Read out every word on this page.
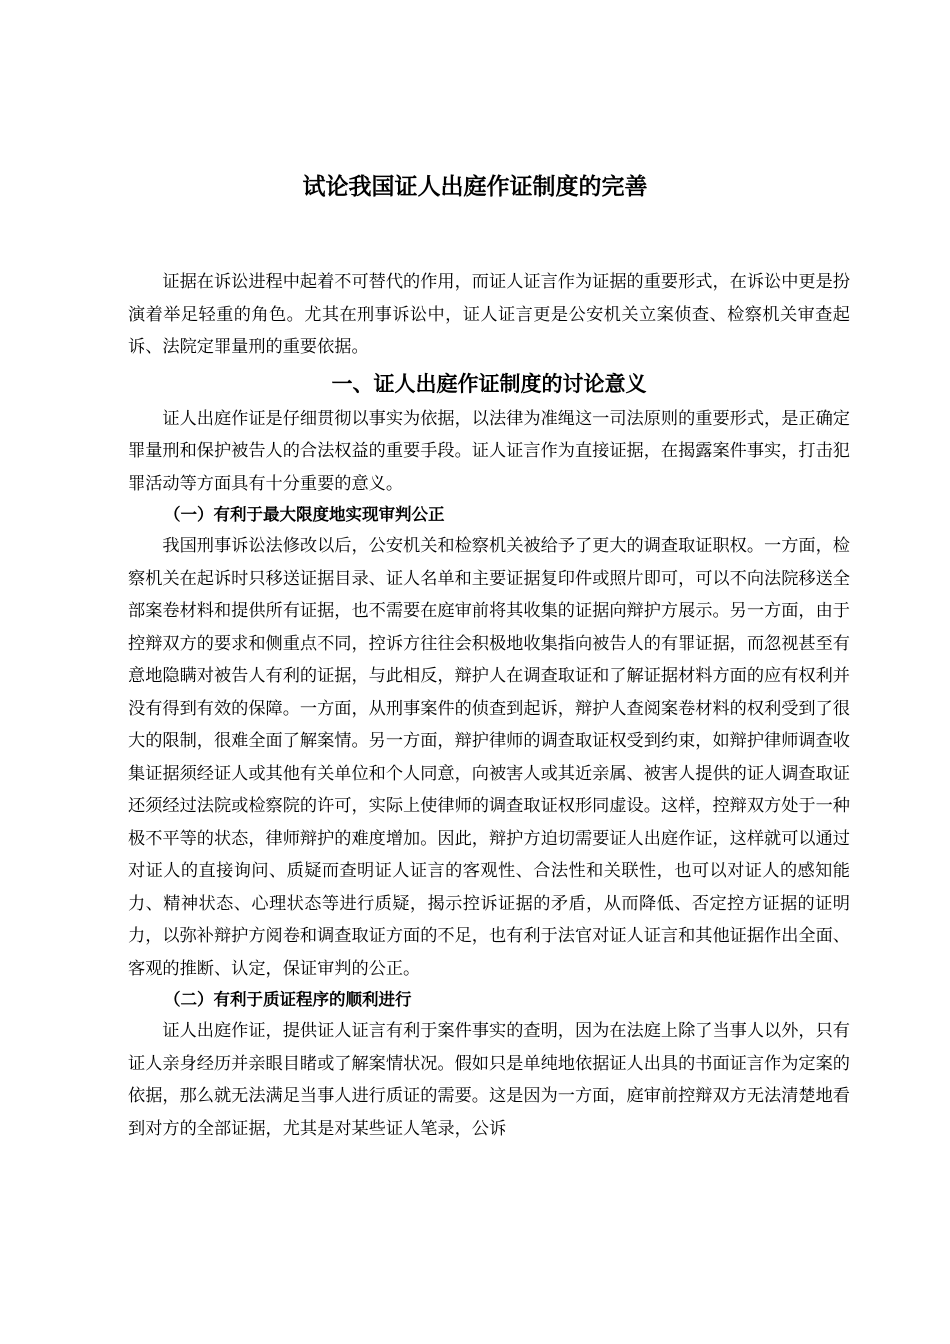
试论我国证人出庭作证制度的完善

证据在诉讼进程中起着不可替代的作用，而证人证言作为证据的重要形式，在诉讼中更是扮演着举足轻重的角色。尤其在刑事诉讼中，证人证言更是公安机关立案侦查、检察机关审查起诉、法院定罪量刑的重要依据。

一、证人出庭作证制度的讨论意义

证人出庭作证是仔细贯彻以事实为依据，以法律为准绳这一司法原则的重要形式，是正确定罪量刑和保护被告人的合法权益的重要手段。证人证言作为直接证据，在揭露案件事实，打击犯罪活动等方面具有十分重要的意义。

（一）有利于最大限度地实现审判公正

我国刑事诉讼法修改以后，公安机关和检察机关被给予了更大的调查取证职权。一方面，检察机关在起诉时只移送证据目录、证人名单和主要证据复印件或照片即可，可以不向法院移送全部案卷材料和提供所有证据，也不需要在庭审前将其收集的证据向辩护方展示。另一方面，由于控辩双方的要求和侧重点不同，控诉方往往会积极地收集指向被告人的有罪证据，而忽视甚至有意地隐瞒对被告人有利的证据，与此相反，辩护人在调查取证和了解证据材料方面的应有权利并没有得到有效的保障。一方面，从刑事案件的侦查到起诉，辩护人查阅案卷材料的权利受到了很大的限制，很难全面了解案情。另一方面，辩护律师的调查取证权受到约束，如辩护律师调查收集证据须经证人或其他有关单位和个人同意，向被害人或其近亲属、被害人提供的证人调查取证还须经过法院或检察院的许可，实际上使律师的调查取证权形同虚设。这样，控辩双方处于一种极不平等的状态，律师辩护的难度增加。因此，辩护方迫切需要证人出庭作证，这样就可以通过对证人的直接询问、质疑而查明证人证言的客观性、合法性和关联性，也可以对证人的感知能力、精神状态、心理状态等进行质疑，揭示控诉证据的矛盾，从而降低、否定控方证据的证明力，以弥补辩护方阅卷和调查取证方面的不足，也有利于法官对证人证言和其他证据作出全面、客观的推断、认定，保证审判的公正。

（二）有利于质证程序的顺利进行

证人出庭作证，提供证人证言有利于案件事实的查明，因为在法庭上除了当事人以外，只有证人亲身经历并亲眼目睹或了解案情状况。假如只是单纯地依据证人出具的书面证言作为定案的依据，那么就无法满足当事人进行质证的需要。这是因为一方面，庭审前控辩双方无法清楚地看到对方的全部证据，尤其是对某些证人笔录，公诉
